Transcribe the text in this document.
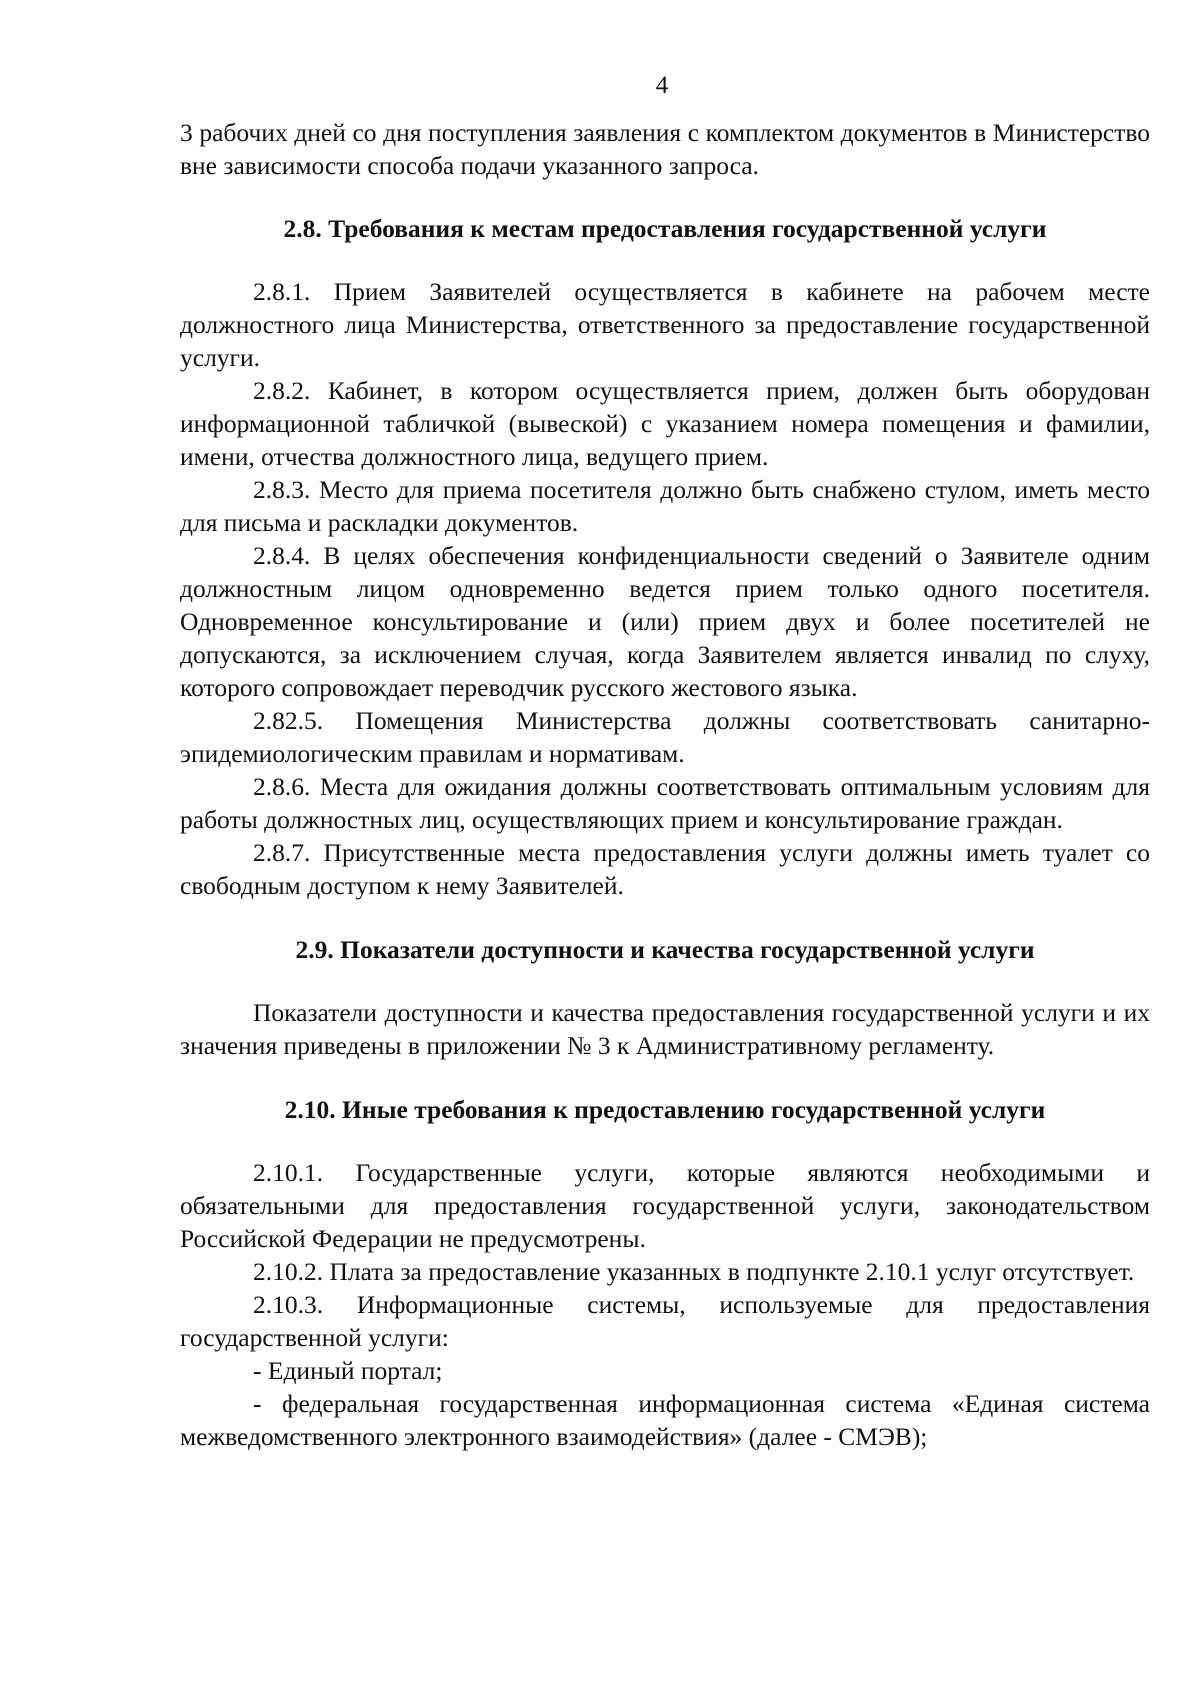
4

3 рабочих дней со дня поступления заявления с комплектом документов в Министерство вне зависимости способа подачи указанного запроса.

2.8. Требования к местам предоставления государственной услуги

2.8.1. Прием Заявителей осуществляется в кабинете на рабочем месте должностного лица Министерства, ответственного за предоставление государственной услуги.

2.8.2. Кабинет, в котором осуществляется прием, должен быть оборудован информационной табличкой (вывеской) с указанием номера помещения и фамилии, имени, отчества должностного лица, ведущего прием.

2.8.3. Место для приема посетителя должно быть снабжено стулом, иметь место для письма и раскладки документов.

2.8.4. В целях обеспечения конфиденциальности сведений о Заявителе одним должностным лицом одновременно ведется прием только одного посетителя. Одновременное консультирование и (или) прием двух и более посетителей не допускаются, за исключением случая, когда Заявителем является инвалид по слуху, которого сопровождает переводчик русского жестового языка.

2.82.5. Помещения Министерства должны соответствовать санитарно-эпидемиологическим правилам и нормативам.

2.8.6. Места для ожидания должны соответствовать оптимальным условиям для работы должностных лиц, осуществляющих прием и консультирование граждан.

2.8.7. Присутственные места предоставления услуги должны иметь туалет со свободным доступом к нему Заявителей.

2.9. Показатели доступности и качества государственной услуги

Показатели доступности и качества предоставления государственной услуги и их значения приведены в приложении № 3 к Административному регламенту.

2.10. Иные требования к предоставлению государственной услуги

2.10.1. Государственные услуги, которые являются необходимыми и обязательными для предоставления государственной услуги, законодательством Российской Федерации не предусмотрены.

2.10.2. Плата за предоставление указанных в подпункте 2.10.1 услуг отсутствует.

2.10.3. Информационные системы, используемые для предоставления государственной услуги:

- Единый портал;

- федеральная государственная информационная система «Единая система межведомственного электронного взаимодействия» (далее - СМЭВ);
